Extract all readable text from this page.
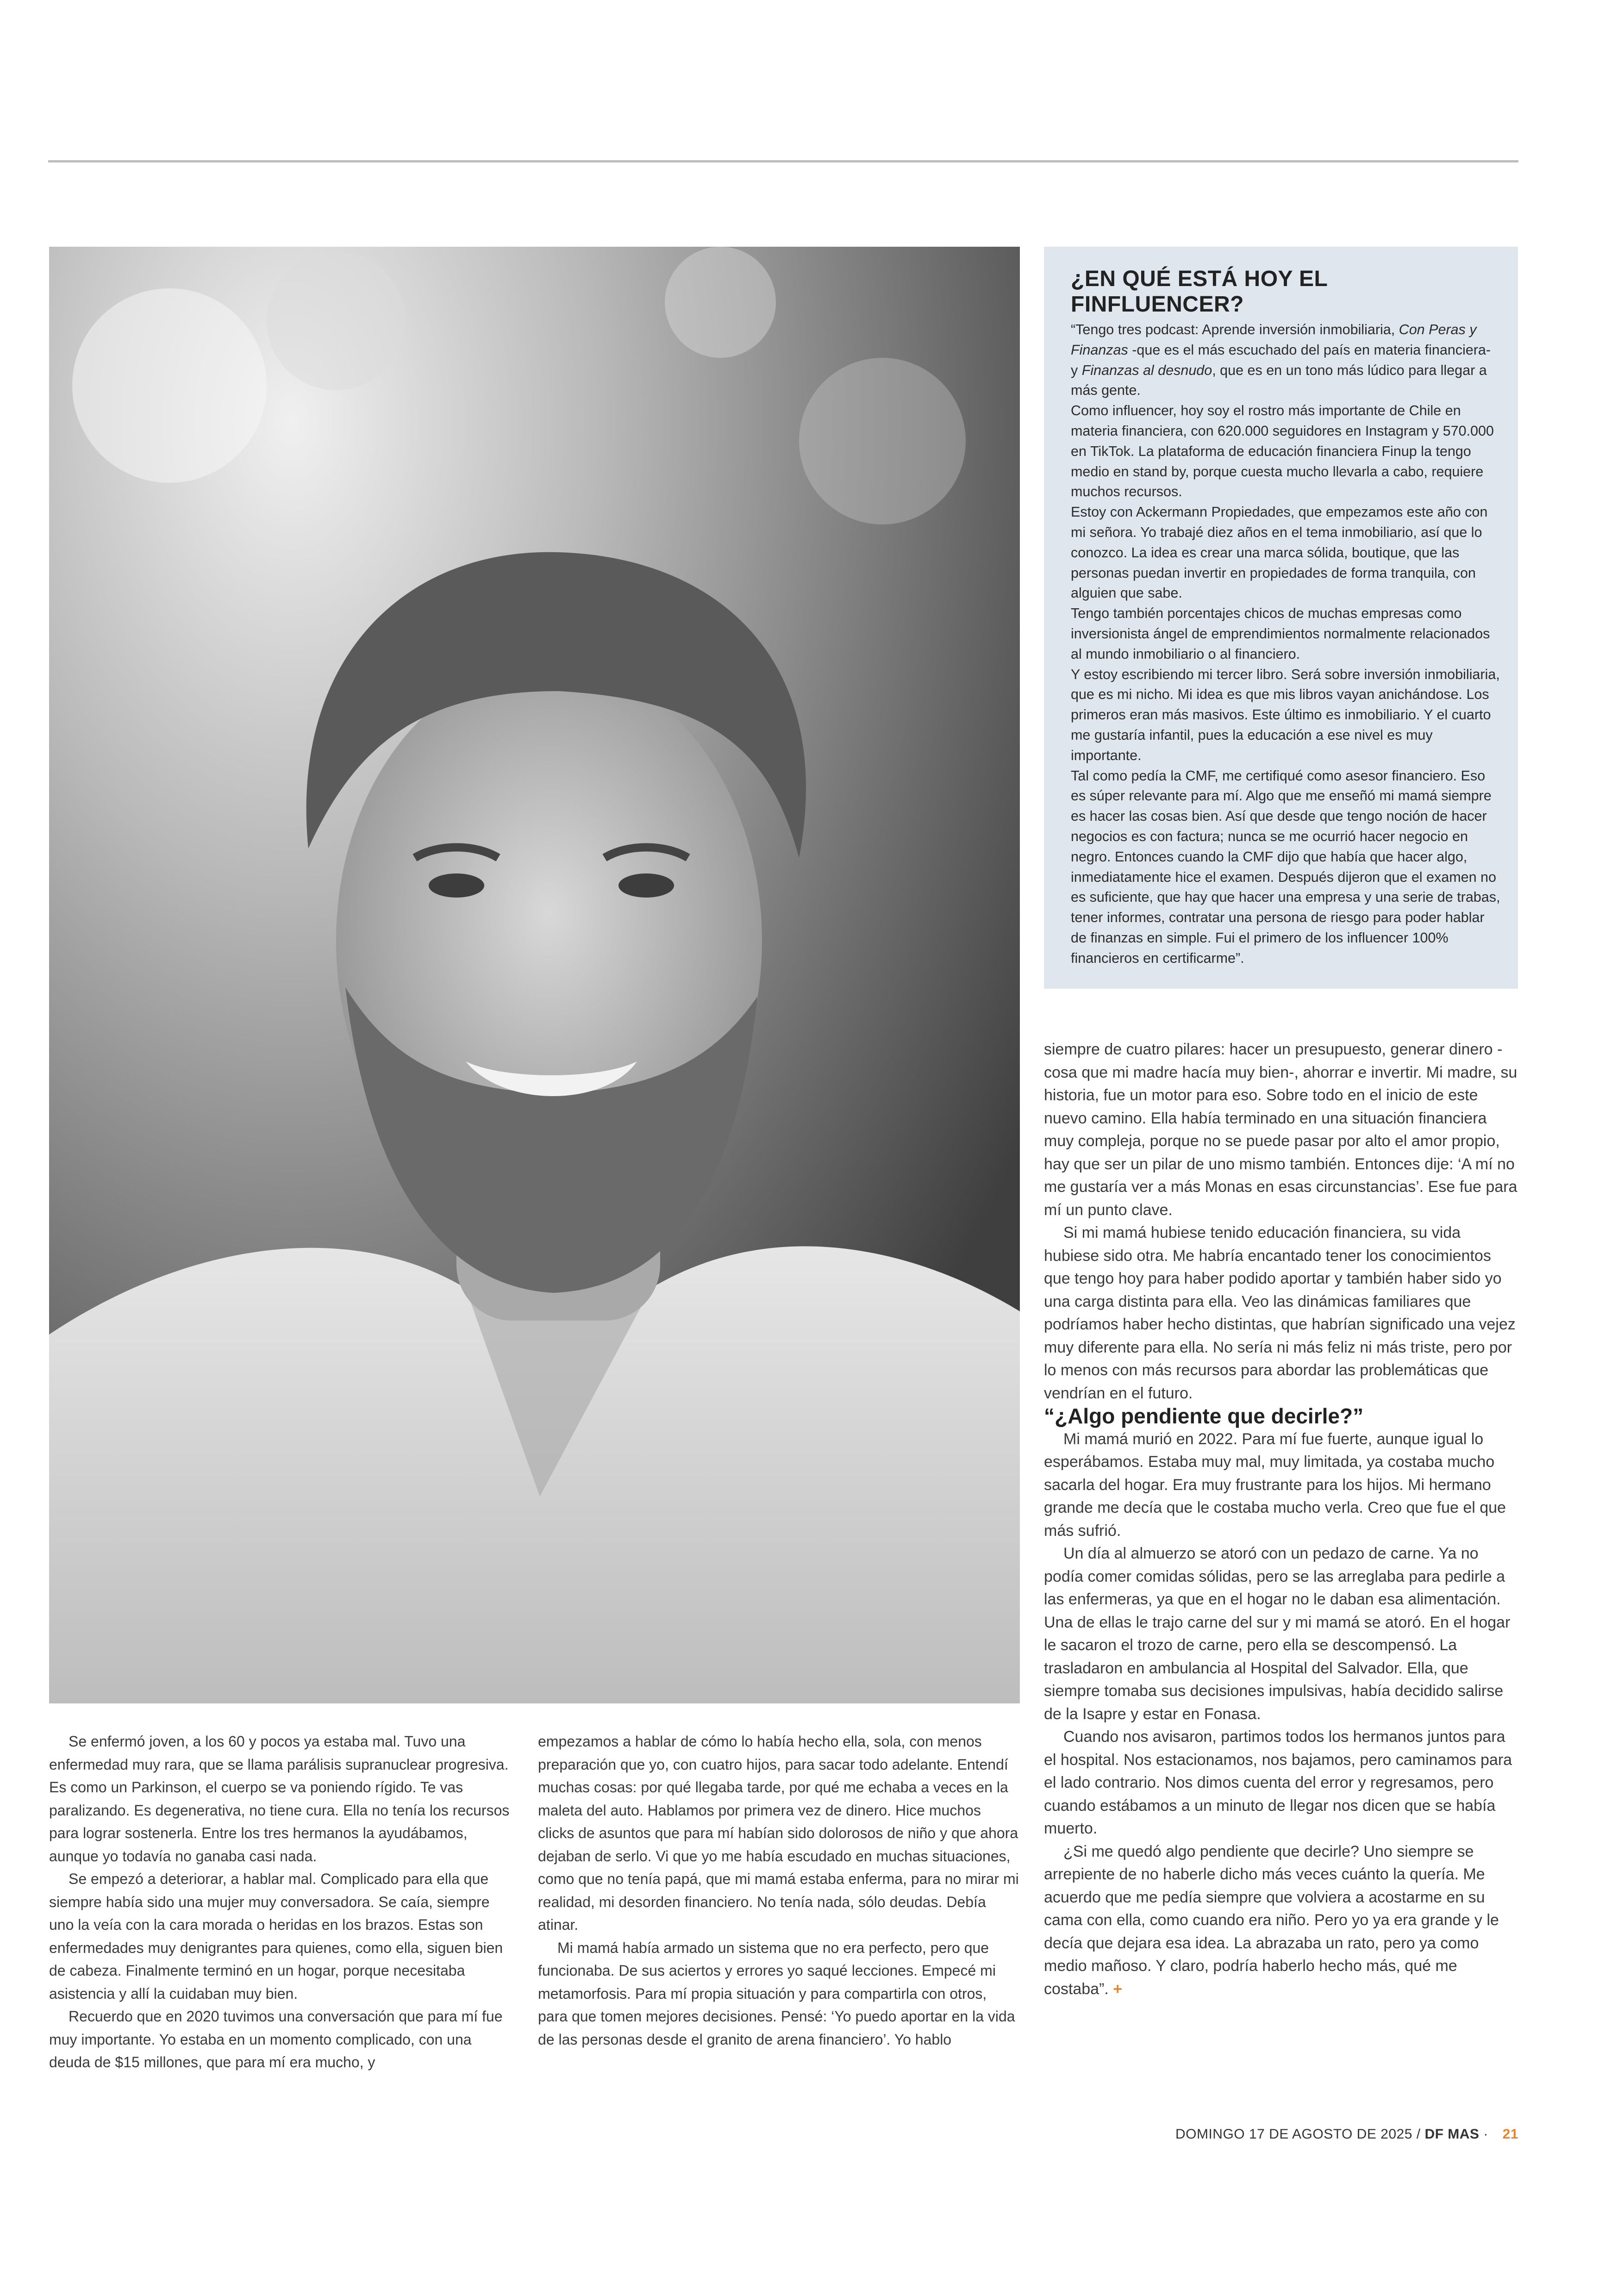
¿EN QUÉ ESTÁ HOY EL FINFLUENCER?

“Tengo tres podcast: Aprende inversión inmobiliaria, Con Peras y Finanzas -que es el más escuchado del país en materia financiera- y Finanzas al desnudo, que es en un tono más lúdico para llegar a más gente.

Como influencer, hoy soy el rostro más importante de Chile en materia financiera, con 620.000 seguidores en Instagram y 570.000 en TikTok. La plataforma de educación financiera Finup la tengo medio en stand by, porque cuesta mucho llevarla a cabo, requiere muchos recursos.

Estoy con Ackermann Propiedades, que empezamos este año con mi señora. Yo trabajé diez años en el tema inmobiliario, así que lo conozco. La idea es crear una marca sólida, boutique, que las personas puedan invertir en propiedades de forma tranquila, con alguien que sabe.

Tengo también porcentajes chicos de muchas empresas como inversionista ángel de emprendimientos normalmente relacionados al mundo inmobiliario o al financiero.

Y estoy escribiendo mi tercer libro. Será sobre inversión inmobiliaria, que es mi nicho. Mi idea es que mis libros vayan anichándose. Los primeros eran más masivos. Este último es inmobiliario. Y el cuarto me gustaría infantil, pues la educación a ese nivel es muy importante.

Tal como pedía la CMF, me certifiqué como asesor financiero. Eso es súper relevante para mí. Algo que me enseñó mi mamá siempre es hacer las cosas bien. Así que desde que tengo noción de hacer negocios es con factura; nunca se me ocurrió hacer negocio en negro. Entonces cuando la CMF dijo que había que hacer algo, inmediatamente hice el examen. Después dijeron que el examen no es suficiente, que hay que hacer una empresa y una serie de trabas, tener informes, contratar una persona de riesgo para poder hablar de finanzas en simple. Fui el primero de los influencer 100% financieros en certificarme”.

Se enfermó joven, a los 60 y pocos ya estaba mal. Tuvo una enfermedad muy rara, que se llama parálisis supranuclear progresiva. Es como un Parkinson, el cuerpo se va poniendo rígido. Te vas paralizando. Es degenerativa, no tiene cura. Ella no tenía los recursos para lograr sostenerla. Entre los tres hermanos la ayudábamos, aunque yo todavía no ganaba casi nada.

Se empezó a deteriorar, a hablar mal. Complicado para ella que siempre había sido una mujer muy conversadora. Se caía, siempre uno la veía con la cara morada o heridas en los brazos. Estas son enfermedades muy denigrantes para quienes, como ella, siguen bien de cabeza. Finalmente terminó en un hogar, porque necesitaba asistencia y allí la cuidaban muy bien.

Recuerdo que en 2020 tuvimos una conversación que para mí fue muy importante. Yo estaba en un momento complicado, con una deuda de $15 millones, que para mí era mucho, y

empezamos a hablar de cómo lo había hecho ella, sola, con menos preparación que yo, con cuatro hijos, para sacar todo adelante. Entendí muchas cosas: por qué llegaba tarde, por qué me echaba a veces en la maleta del auto. Hablamos por primera vez de dinero. Hice muchos clicks de asuntos que para mí habían sido dolorosos de niño y que ahora dejaban de serlo. Vi que yo me había escudado en muchas situaciones, como que no tenía papá, que mi mamá estaba enferma, para no mirar mi realidad, mi desorden financiero. No tenía nada, sólo deudas. Debía atinar.

Mi mamá había armado un sistema que no era perfecto, pero que funcionaba. De sus aciertos y errores yo saqué lecciones. Empecé mi metamorfosis. Para mí propia situación y para compartirla con otros, para que tomen mejores decisiones. Pensé: ‘Yo puedo aportar en la vida de las personas desde el granito de arena financiero’. Yo hablo

siempre de cuatro pilares: hacer un presupuesto, generar dinero -cosa que mi madre hacía muy bien-, ahorrar e invertir. Mi madre, su historia, fue un motor para eso. Sobre todo en el inicio de este nuevo camino. Ella había terminado en una situación financiera muy compleja, porque no se puede pasar por alto el amor propio, hay que ser un pilar de uno mismo también. Entonces dije: ‘A mí no me gustaría ver a más Monas en esas circunstancias’. Ese fue para mí un punto clave.

Si mi mamá hubiese tenido educación financiera, su vida hubiese sido otra. Me habría encantado tener los conocimientos que tengo hoy para haber podido aportar y también haber sido yo una carga distinta para ella. Veo las dinámicas familiares que podríamos haber hecho distintas, que habrían significado una vejez muy diferente para ella. No sería ni más feliz ni más triste, pero por lo menos con más recursos para abordar las problemáticas que vendrían en el futuro.

“¿Algo pendiente que decirle?”

Mi mamá murió en 2022. Para mí fue fuerte, aunque igual lo esperábamos. Estaba muy mal, muy limitada, ya costaba mucho sacarla del hogar. Era muy frustrante para los hijos. Mi hermano grande me decía que le costaba mucho verla. Creo que fue el que más sufrió.

Un día al almuerzo se atoró con un pedazo de carne. Ya no podía comer comidas sólidas, pero se las arreglaba para pedirle a las enfermeras, ya que en el hogar no le daban esa alimentación. Una de ellas le trajo carne del sur y mi mamá se atoró. En el hogar le sacaron el trozo de carne, pero ella se descompensó. La trasladaron en ambulancia al Hospital del Salvador. Ella, que siempre tomaba sus decisiones impulsivas, había decidido salirse de la Isapre y estar en Fonasa.

Cuando nos avisaron, partimos todos los hermanos juntos para el hospital. Nos estacionamos, nos bajamos, pero caminamos para el lado contrario. Nos dimos cuenta del error y regresamos, pero cuando estábamos a un minuto de llegar nos dicen que se había muerto.

¿Si me quedó algo pendiente que decirle? Uno siempre se arrepiente de no haberle dicho más veces cuánto la quería. Me acuerdo que me pedía siempre que volviera a acostarme en su cama con ella, como cuando era niño. Pero yo ya era grande y le decía que dejara esa idea. La abrazaba un rato, pero ya como medio mañoso. Y claro, podría haberlo hecho más, qué me costaba”. +

DOMINGO 17 DE AGOSTO DE 2025 / DF MAS · 21
